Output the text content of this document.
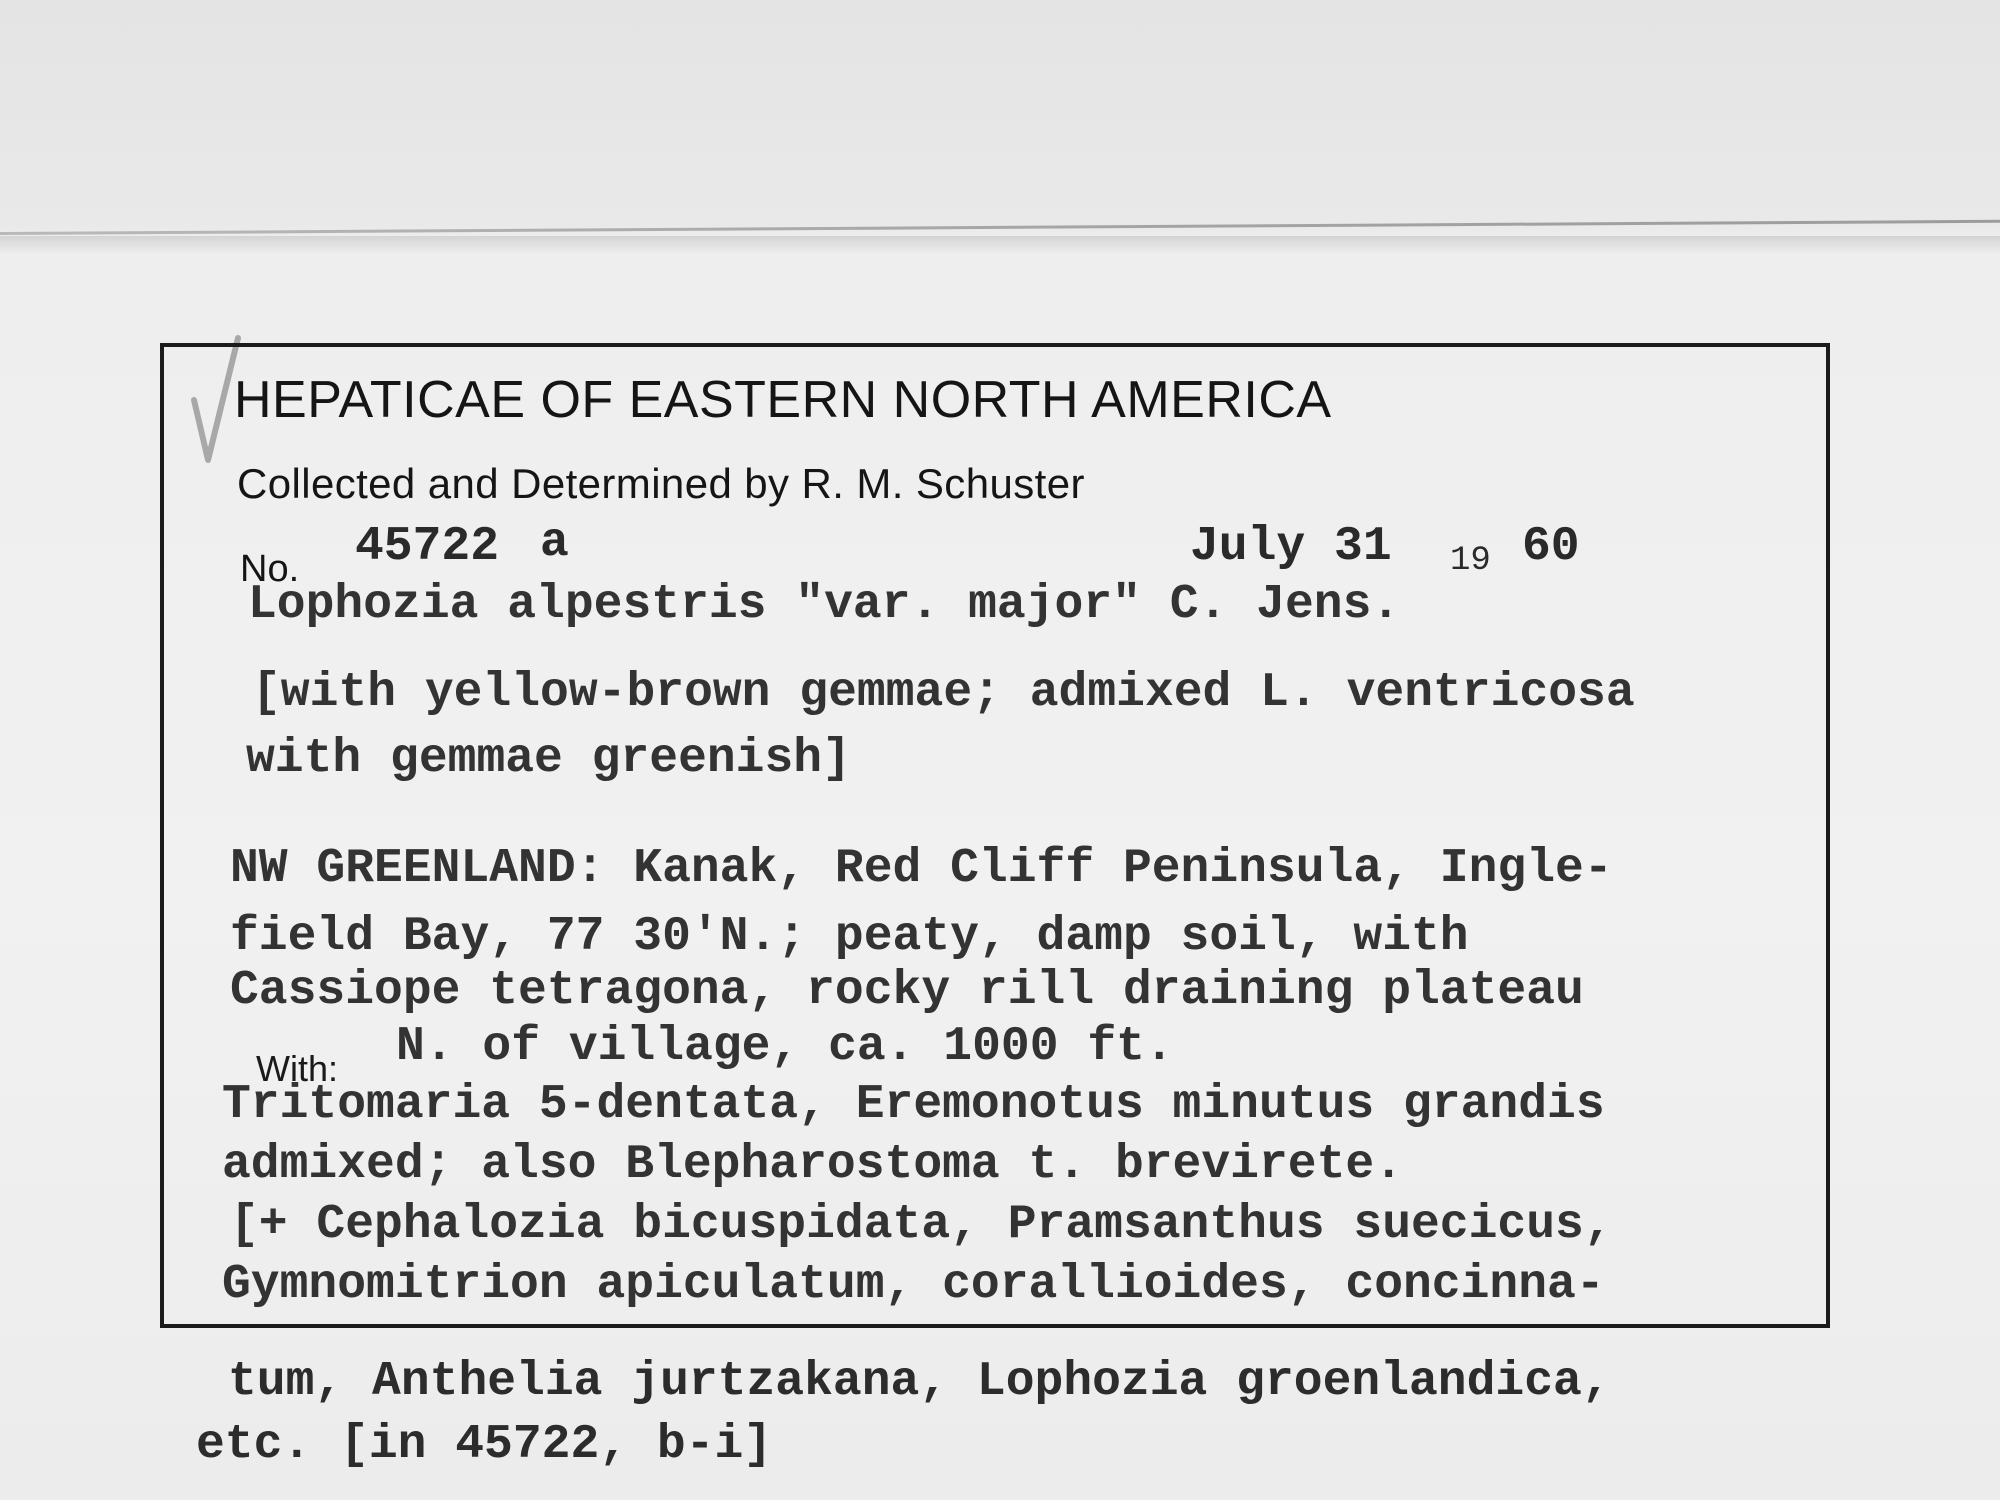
HEPATICAE OF EASTERN NORTH AMERICA
Collected and Determined by R. M. Schuster
No. 45722 a	July 31 19 60
Lophozia alpestris "var. major" C. Jens.
[with yellow-brown gemmae; admixed L. ventricosa
with gemmae greenish]
NW GREENLAND: Kanak, Red Cliff Peninsula, Ingle-
field Bay, 77 30'N.; peaty, damp soil, with
Cassiope tetragona, rocky rill draining plateau
N. of village, ca. 1000 ft.
With:
Tritomaria 5-dentata, Eremonotus minutus grandis
admixed; also Blepharostoma t. brevirete.
[+ Cephalozia bicuspidata, Pramsanthus suecicus,
Gymnomitrion apiculatum, corallioides, concinna-
tum, Anthelia jurtzakana, Lophozia groenlandica,
etc. [in 45722, b-i]
